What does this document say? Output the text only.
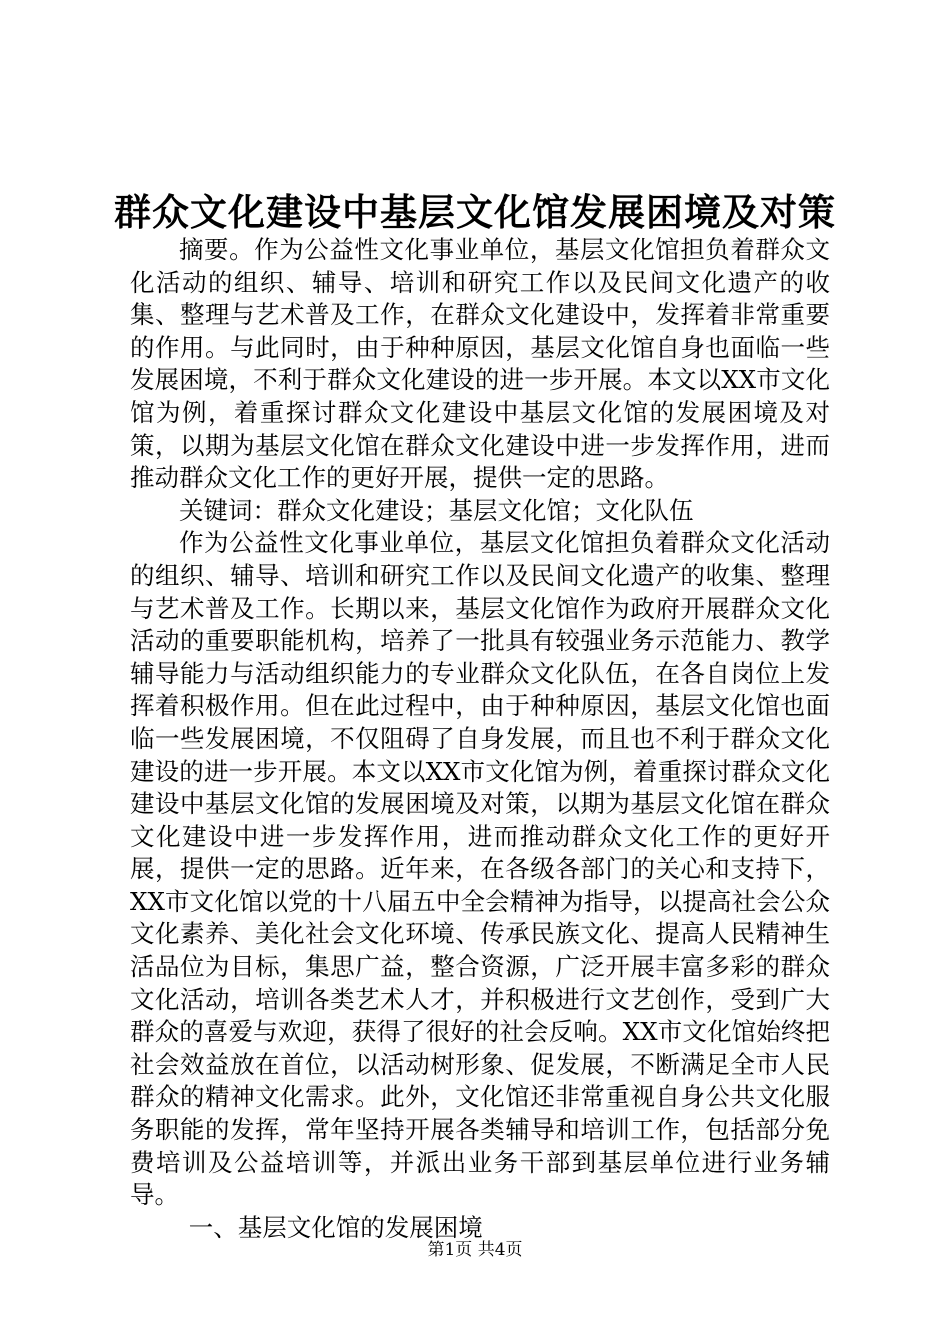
群众文化建设中基层文化馆发展困境及对策

摘要。作为公益性文化事业单位，基层文化馆担负着群众文化活动的组织、辅导、培训和研究工作以及民间文化遗产的收集、整理与艺术普及工作，在群众文化建设中，发挥着非常重要的作用。与此同时，由于种种原因，基层文化馆自身也面临一些发展困境，不利于群众文化建设的进一步开展。本文以XX市文化馆为例，着重探讨群众文化建设中基层文化馆的发展困境及对策，以期为基层文化馆在群众文化建设中进一步发挥作用，进而推动群众文化工作的更好开展，提供一定的思路。

关键词：群众文化建设；基层文化馆；文化队伍

作为公益性文化事业单位，基层文化馆担负着群众文化活动的组织、辅导、培训和研究工作以及民间文化遗产的收集、整理与艺术普及工作。长期以来，基层文化馆作为政府开展群众文化活动的重要职能机构，培养了一批具有较强业务示范能力、教学辅导能力与活动组织能力的专业群众文化队伍，在各自岗位上发挥着积极作用。但在此过程中，由于种种原因，基层文化馆也面临一些发展困境，不仅阻碍了自身发展，而且也不利于群众文化建设的进一步开展。本文以XX市文化馆为例，着重探讨群众文化建设中基层文化馆的发展困境及对策，以期为基层文化馆在群众文化建设中进一步发挥作用，进而推动群众文化工作的更好开展，提供一定的思路。近年来，在各级各部门的关心和支持下，XX市文化馆以党的十八届五中全会精神为指导，以提高社会公众文化素养、美化社会文化环境、传承民族文化、提高人民精神生活品位为目标，集思广益，整合资源，广泛开展丰富多彩的群众文化活动，培训各类艺术人才，并积极进行文艺创作，受到广大群众的喜爱与欢迎，获得了很好的社会反响。XX市文化馆始终把社会效益放在首位，以活动树形象、促发展，不断满足全市人民群众的精神文化需求。此外，文化馆还非常重视自身公共文化服务职能的发挥，常年坚持开展各类辅导和培训工作，包括部分免费培训及公益培训等，并派出业务干部到基层单位进行业务辅导。

一、基层文化馆的发展困境

第1页 共4页
